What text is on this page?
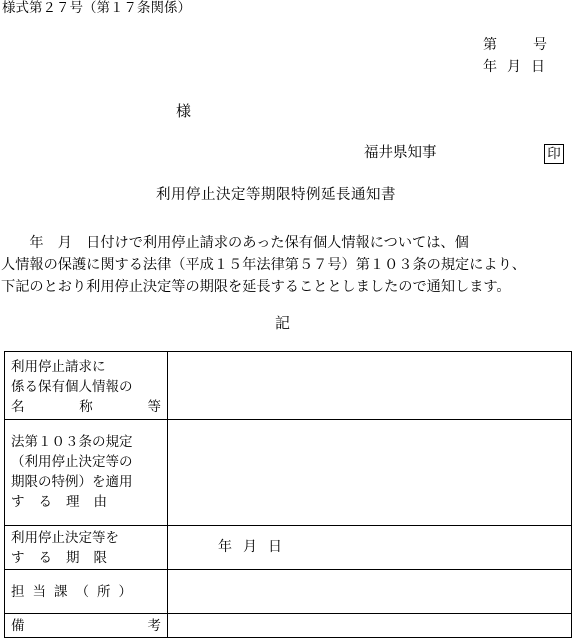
様式第２７号（第１７条関係）
第	号
年 月 日
様
福井県知事	印
利用停止決定等期限特例延長通知書
　　年　月　日付けで利用停止請求のあった保有個人情報については、個
人情報の保護に関する法律（平成１５年法律第５７号）第１０３条の規定により、
下記のとおり利用停止決定等の期限を延長することとしましたので通知します。
記
利用停止請求に
係る保有個人情報の
名 称 等	

法第１０３条の規定
（利用停止決定等の
期限の特例）を適用
する理由	

利用停止決定等を
する期限	年 月 日

担当課（所）	

備 考	
